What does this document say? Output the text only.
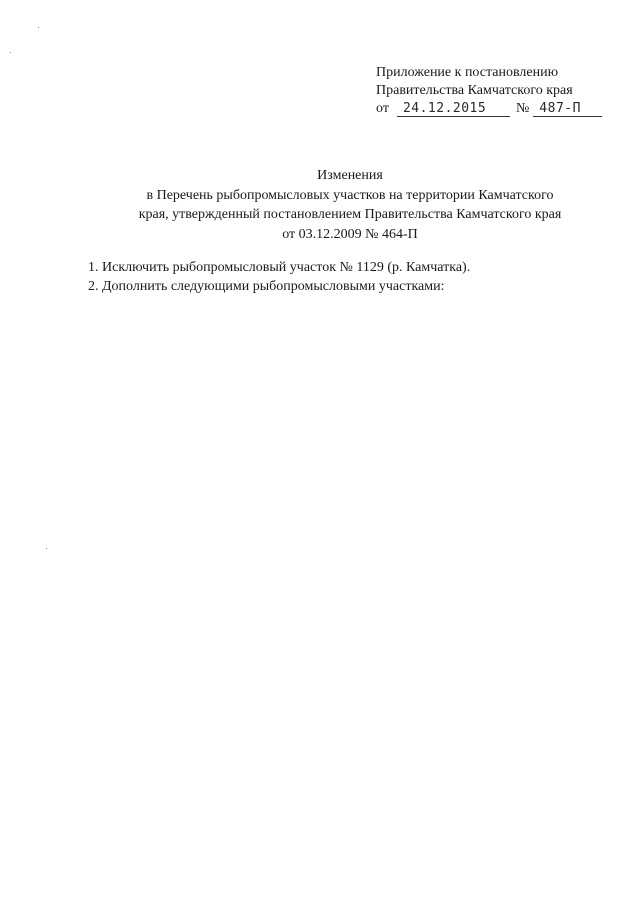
Приложение к постановлению
Правительства Камчатского края
от	24.12.2015	№ 487-П
Изменения
в Перечень рыбопромысловых участков на территории Камчатского
края, утвержденный постановлением Правительства Камчатского края
от 03.12.2009 № 464-П
1. Исключить рыбопромысловый участок № 1129 (р. Камчатка).
2. Дополнить следующими рыбопромысловыми участками:
